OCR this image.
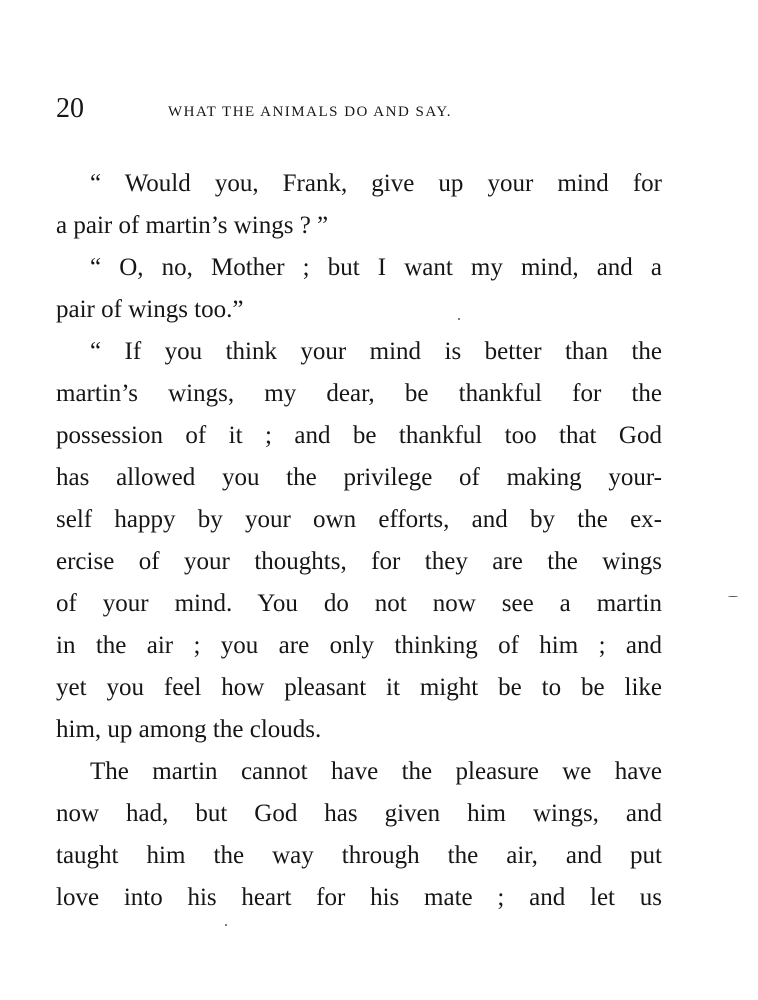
20	WHAT THE ANIMALS DO AND SAY.
“ Would you, Frank, give up your mind for
a pair of martin’s wings ? ”
“ O, no, Mother ; but I want my mind, and a
pair of wings too.”
“ If you think your mind is better than the
martin’s wings, my dear, be thankful for the
possession of it ; and be thankful too that God
has allowed you the privilege of making your-
self happy by your own efforts, and by the ex-
ercise of your thoughts, for they are the wings
of your mind. You do not now see a martin
in the air ; you are only thinking of him ; and
yet you feel how pleasant it might be to be like
him, up among the clouds.
The martin cannot have the pleasure we have
now had, but God has given him wings, and
taught him the way through the air, and put
love into his heart for his mate ; and let us
